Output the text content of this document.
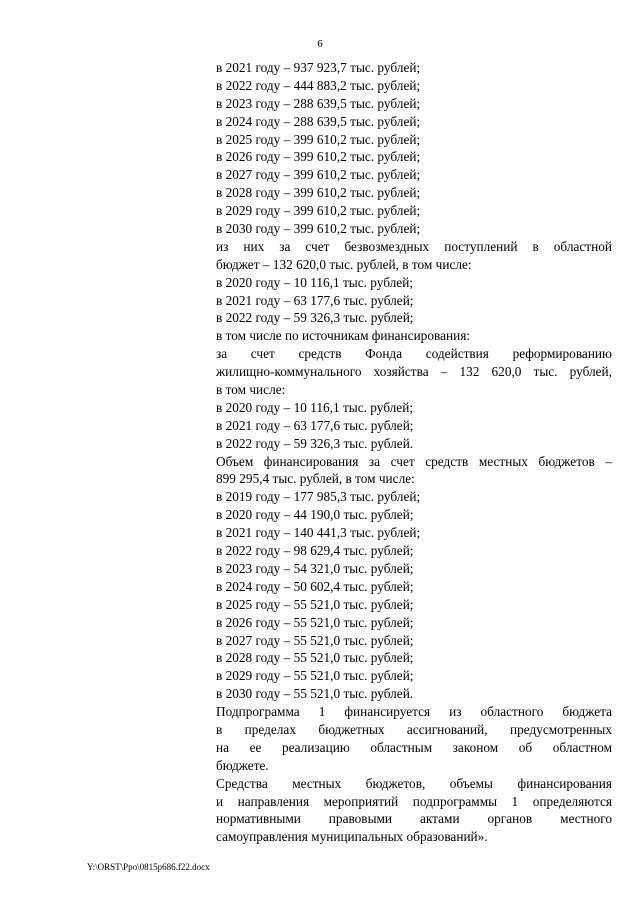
6
в 2021 году – 937 923,7 тыс. рублей;
в 2022 году – 444 883,2 тыс. рублей;
в 2023 году – 288 639,5 тыс. рублей;
в 2024 году – 288 639,5 тыс. рублей;
в 2025 году – 399 610,2 тыс. рублей;
в 2026 году – 399 610,2 тыс. рублей;
в 2027 году – 399 610,2 тыс. рублей;
в 2028 году – 399 610,2 тыс. рублей;
в 2029 году – 399 610,2 тыс. рублей;
в 2030 году – 399 610,2 тыс. рублей;
из них за счет безвозмездных поступлений в областной
бюджет – 132 620,0 тыс. рублей, в том числе:
в 2020 году – 10 116,1 тыс. рублей;
в 2021 году – 63 177,6 тыс. рублей;
в 2022 году – 59 326,3 тыс. рублей;
в том числе по источникам финансирования:
за счет средств Фонда содействия реформированию
жилищно-коммунального хозяйства – 132 620,0 тыс. рублей,
в том числе:
в 2020 году – 10 116,1 тыс. рублей;
в 2021 году – 63 177,6 тыс. рублей;
в 2022 году – 59 326,3 тыс. рублей.
Объем финансирования за счет средств местных бюджетов –
899 295,4 тыс. рублей, в том числе:
в 2019 году – 177 985,3 тыс. рублей;
в 2020 году – 44 190,0 тыс. рублей;
в 2021 году – 140 441,3 тыс. рублей;
в 2022 году – 98 629,4 тыс. рублей;
в 2023 году – 54 321,0 тыс. рублей;
в 2024 году – 50 602,4 тыс. рублей;
в 2025 году – 55 521,0 тыс. рублей;
в 2026 году – 55 521,0 тыс. рублей;
в 2027 году – 55 521,0 тыс. рублей;
в 2028 году – 55 521,0 тыс. рублей;
в 2029 году – 55 521,0 тыс. рублей;
в 2030 году – 55 521,0 тыс. рублей.
Подпрограмма 1 финансируется из областного бюджета
в пределах бюджетных ассигнований, предусмотренных
на ее реализацию областным законом об областном
бюджете.
Средства местных бюджетов, объемы финансирования
и направления мероприятий подпрограммы 1 определяются
нормативными правовыми актами органов местного
самоуправления муниципальных образований».
Y:\ORST\Ppo\0815p686.f22.docx
